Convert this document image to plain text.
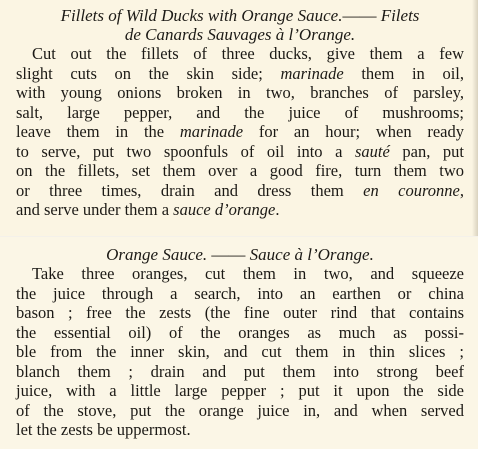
Fillets of Wild Ducks with Orange Sauce.—— Filets
de Canards Sauvages à l’Orange.

Cut out the fillets of three ducks, give them a few
slight cuts on the skin side; marinade them in oil,
with young onions broken in two, branches of parsley,
salt, large pepper, and the juice of mushrooms;
leave them in the marinade for an hour; when ready
to serve, put two spoonfuls of oil into a sauté pan, put
on the fillets, set them over a good fire, turn them two
or three times, drain and dress them en couronne,
and serve under them a sauce d’orange.

Orange Sauce. —— Sauce à l’Orange.

Take three oranges, cut them in two, and squeeze
the juice through a search, into an earthen or china
bason ; free the zests (the fine outer rind that contains
the essential oil) of the oranges as much as possi-
ble from the inner skin, and cut them in thin slices ;
blanch them ; drain and put them into strong beef
juice, with a little large pepper ; put it upon the side
of the stove, put the orange juice in, and when served
let the zests be uppermost.
